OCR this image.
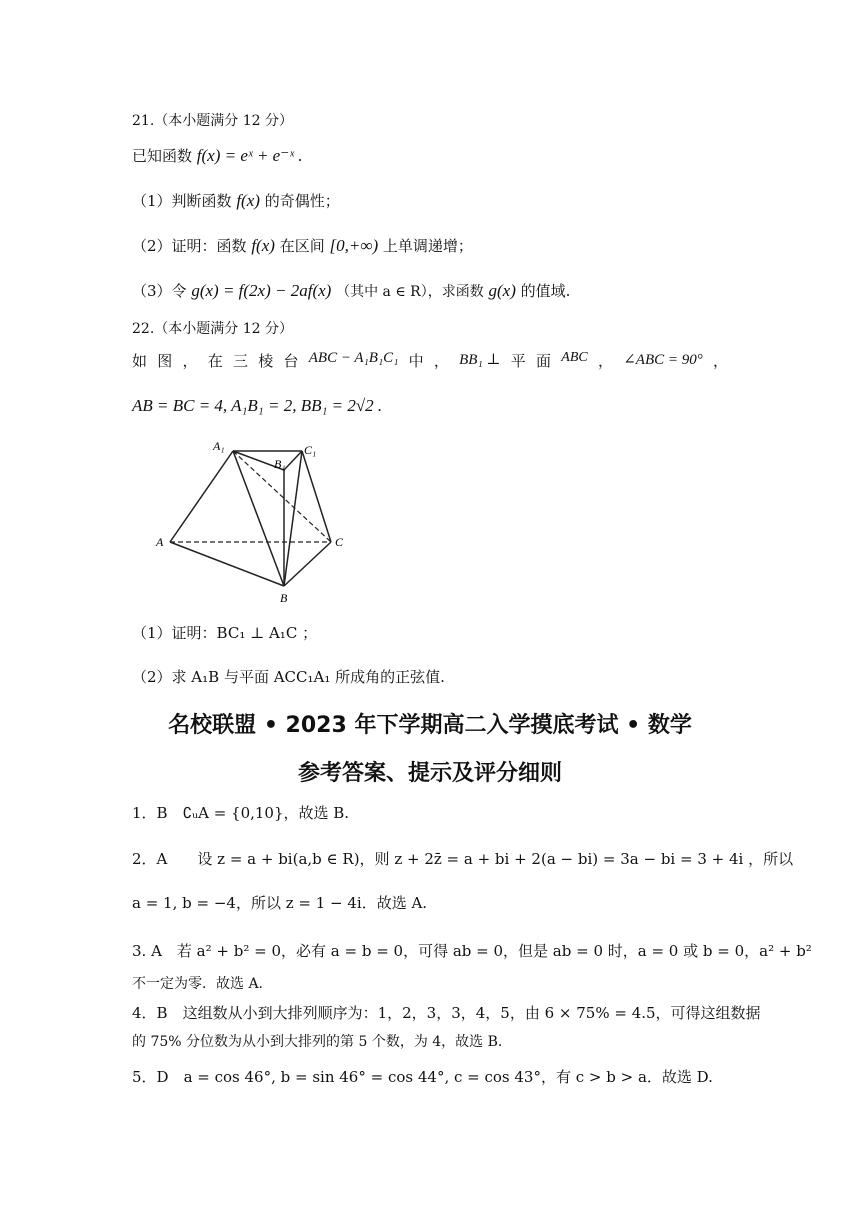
21.（本小题满分 12 分）
已知函数 f(x) = eˣ + e⁻ˣ .
（1）判断函数 f(x) 的奇偶性；
（2）证明：函数 f(x) 在区间 [0,+∞) 上单调递增；
（3）令 g(x) = f(2x) − 2af(x) （其中 a ∈ R），求函数 g(x) 的值域.
22.（本小题满分 12 分）
如 图 ， 在 三 棱 台 ABC − A₁B₁C₁ 中 ， BB₁ ⊥ 平 面 ABC ， ∠ABC = 90° ，
AB = BC = 4, A₁B₁ = 2, BB₁ = 2√2 .
A₁
B₁
C₁
A
B
C
（1）证明：BC₁ ⊥ A₁C ；
（2）求 A₁B 与平面 ACC₁A₁ 所成角的正弦值.
名校联盟 • 2023 年下学期高二入学摸底考试 • 数学
参考答案、提示及评分细则
1．B　∁ᵤA = {0,10}，故选 B.
2．A　　设 z = a + bi(a,b ∈ R)，则 z + 2z̄ = a + bi + 2(a − bi) = 3a − bi = 3 + 4i ，所以
a = 1, b = −4，所以 z = 1 − 4i．故选 A.
3. A　若 a² + b² = 0，必有 a = b = 0，可得 ab = 0，但是 ab = 0 时，a = 0 或 b = 0，a² + b²
不一定为零．故选 A.
4．B　这组数从小到大排列顺序为：1，2，3，3，4，5，由 6 × 75% = 4.5，可得这组数据
的 75% 分位数为从小到大排列的第 5 个数，为 4，故选 B.
5．D　a = cos 46°, b = sin 46° = cos 44°, c = cos 43°，有 c > b > a．故选 D.
